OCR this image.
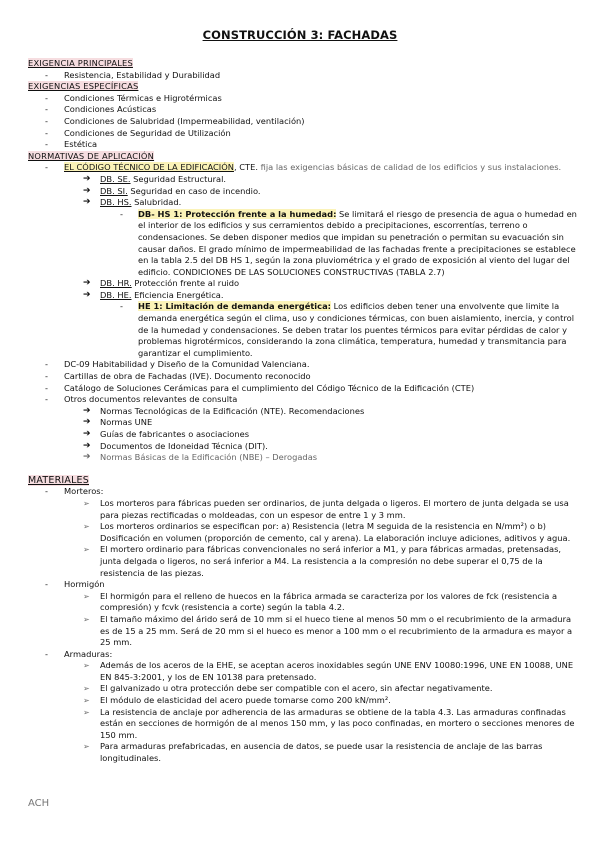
CONSTRUCCIÓN 3: FACHADAS
EXIGENCIA PRINCIPALES
- Resistencia, Estabilidad y Durabilidad
EXIGENCIAS ESPECÍFICAS
- Condiciones Térmicas e Higrotérmicas
- Condiciones Acústicas
- Condiciones de Salubridad (Impermeabilidad, ventilación)
- Condiciones de Seguridad de Utilización
- Estética
NORMATIVAS DE APLICACIÓN
- EL CÓDIGO TÉCNICO DE LA EDIFICACIÓN, CTE. fija las exigencias básicas de calidad de los edificios y sus instalaciones.
➔ DB. SE. Seguridad Estructural.
➔ DB. SI. Seguridad en caso de incendio.
➔ DB. HS. Salubridad.
- DB- HS 1: Protección frente a la humedad: Se limitará el riesgo de presencia de agua o humedad en el interior de los edificios y sus cerramientos debido a precipitaciones, escorrentías, terreno o condensaciones. Se deben disponer medios que impidan su penetración o permitan su evacuación sin causar daños. El grado mínimo de impermeabilidad de las fachadas frente a precipitaciones se establece en la tabla 2.5 del DB HS 1, según la zona pluviométrica y el grado de exposición al viento del lugar del edificio. CONDICIONES DE LAS SOLUCIONES CONSTRUCTIVAS (TABLA 2.7)
➔ DB. HR. Protección frente al ruido
➔ DB. HE. Eficiencia Energética.
- HE 1: Limitación de demanda energética: Los edificios deben tener una envolvente que limite la demanda energética según el clima, uso y condiciones térmicas, con buen aislamiento, inercia, y control de la humedad y condensaciones. Se deben tratar los puentes térmicos para evitar pérdidas de calor y problemas higrotérmicos, considerando la zona climática, temperatura, humedad y transmitancia para garantizar el cumplimiento.
- DC-09 Habitabilidad y Diseño de la Comunidad Valenciana.
- Cartillas de obra de Fachadas (IVE). Documento reconocido
- Catálogo de Soluciones Cerámicas para el cumplimiento del Código Técnico de la Edificación (CTE)
- Otros documentos relevantes de consulta
➔ Normas Tecnológicas de la Edificación (NTE). Recomendaciones
➔ Normas UNE
➔ Guías de fabricantes o asociaciones
➔ Documentos de Idoneidad Técnica (DIT).
➔ Normas Básicas de la Edificación (NBE) – Derogadas
MATERIALES
- Morteros:
➢ Los morteros para fábricas pueden ser ordinarios, de junta delgada o ligeros. El mortero de junta delgada se usa para piezas rectificadas o moldeadas, con un espesor de entre 1 y 3 mm.
➢ Los morteros ordinarios se especifican por: a) Resistencia (letra M seguida de la resistencia en N/mm²) o b) Dosificación en volumen (proporción de cemento, cal y arena). La elaboración incluye adiciones, aditivos y agua.
➢ El mortero ordinario para fábricas convencionales no será inferior a M1, y para fábricas armadas, pretensadas, junta delgada o ligeros, no será inferior a M4. La resistencia a la compresión no debe superar el 0,75 de la resistencia de las piezas.
- Hormigón
➢ El hormigón para el relleno de huecos en la fábrica armada se caracteriza por los valores de fck (resistencia a compresión) y fcvk (resistencia a corte) según la tabla 4.2.
➢ El tamaño máximo del árido será de 10 mm si el hueco tiene al menos 50 mm o el recubrimiento de la armadura es de 15 a 25 mm. Será de 20 mm si el hueco es menor a 100 mm o el recubrimiento de la armadura es mayor a 25 mm.
- Armaduras:
➢ Además de los aceros de la EHE, se aceptan aceros inoxidables según UNE ENV 10080:1996, UNE EN 10088, UNE EN 845-3:2001, y los de EN 10138 para pretensado.
➢ El galvanizado u otra protección debe ser compatible con el acero, sin afectar negativamente.
➢ El módulo de elasticidad del acero puede tomarse como 200 kN/mm².
➢ La resistencia de anclaje por adherencia de las armaduras se obtiene de la tabla 4.3. Las armaduras confinadas están en secciones de hormigón de al menos 150 mm, y las poco confinadas, en mortero o secciones menores de 150 mm.
➢ Para armaduras prefabricadas, en ausencia de datos, se puede usar la resistencia de anclaje de las barras longitudinales.
ACH
